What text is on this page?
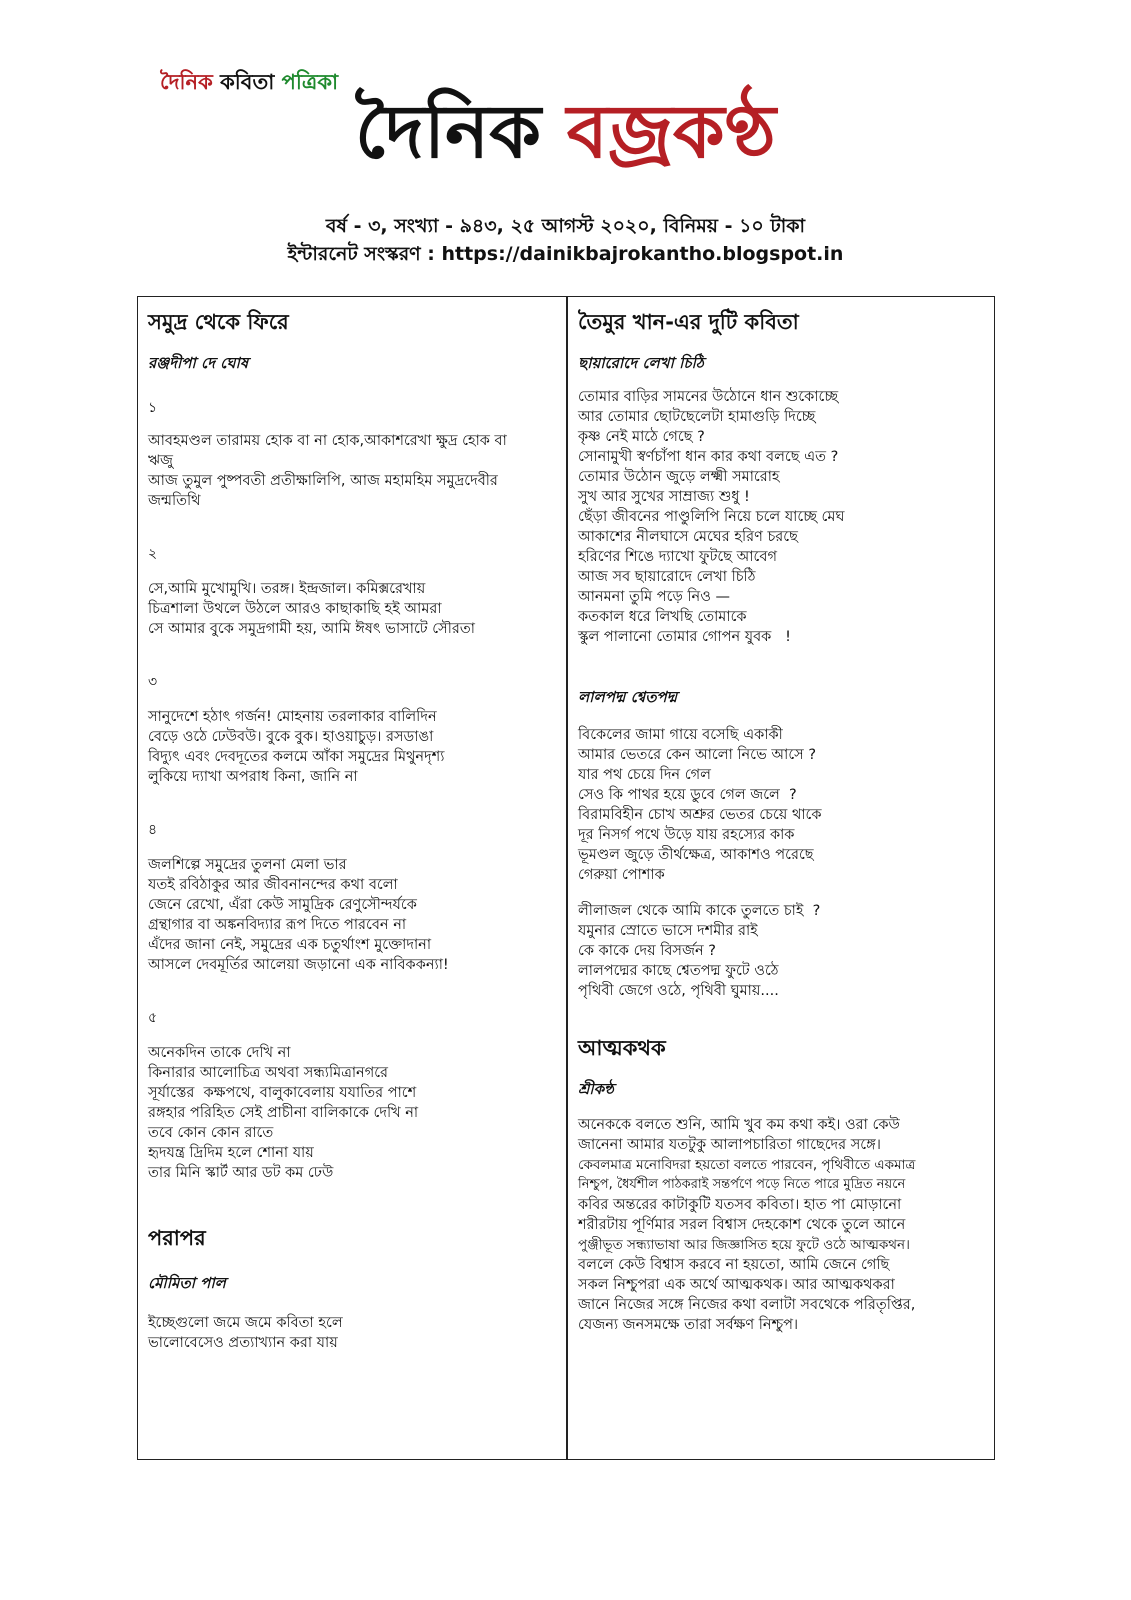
দৈনিক কবিতা পত্রিকা
দৈনিক বজ্রকণ্ঠ
বর্ষ - ৩, সংখ্যা - ৯৪৩, ২৫ আগস্ট ২০২০, বিনিময় - ১০ টাকা
ইন্টারনেট সংস্করণ : https://dainikbajrokantho.blogspot.in

সমুদ্র থেকে ফিরে

রঞ্জদীপা দে ঘোষ

১

আবহমণ্ডল তারাময় হোক বা না হোক,আকাশরেখা ক্ষুদ্র হোক বা

ঋজু

আজ তুমুল পুষ্পবতী প্রতীক্ষালিপি, আজ মহামহিম সমুদ্রদেবীর

জন্মতিথি

২

সে,আমি মুখোমুখি। তরঙ্গ। ইন্দ্রজাল। কমিক্সরেখায়

চিত্রশালা উথলে উঠলে আরও কাছাকাছি হই আমরা

সে আমার বুকে সমুদ্রগামী হয়, আমি ঈষৎ ভাসাটে সৌরতা

৩

সানুদেশে হঠাৎ গর্জন! মোহনায় তরলাকার বালিদিন

বেড়ে ওঠে ঢেউবউ। বুকে বুক। হাওয়াচুড়। রসডাঙা

বিদ্যুৎ এবং দেবদূতের কলমে আঁকা সমুদ্রের মিথুনদৃশ্য

লুকিয়ে দ্যাখা অপরাধ কিনা, জানি না

৪

জলশিল্পে সমুদ্রের তুলনা মেলা ভার

যতই রবিঠাকুর আর জীবনানন্দের কথা বলো

জেনে রেখো, এঁরা কেউ সামুদ্রিক রেণুসৌন্দর্যকে

গ্রন্থাগার বা অঙ্কনবিদ্যার রূপ দিতে পারবেন না

এঁদের জানা নেই, সমুদ্রের এক চতুর্থাংশ মুক্তোদানা

আসলে দেবমূর্তির আলেয়া জড়ানো এক নাবিককন্যা!

৫

অনেকদিন তাকে দেখি না

কিনারার আলোচিত্র অথবা সন্ধ্যমিত্রানগরে

সূর্যাস্তের  কক্ষপথে, বালুকাবেলায় যযাতির পাশে

রঙ্গহার পরিহিত সেই প্রাচীনা বালিকাকে দেখি না

তবে কোন কোন রাতে

হৃদযন্ত্র দ্রিদিম হলে শোনা যায়

তার মিনি স্কার্ট আর ডট কম ঢেউ

পরাপর

মৌমিতা পাল

ইচ্ছেগুলো জমে জমে কবিতা হলে

ভালোবেসেও প্রত্যাখ্যান করা যায়

তৈমুর খান-এর দুটি কবিতা

ছায়ারোদে লেখা চিঠি

তোমার বাড়ির সামনের উঠোনে ধান শুকোচ্ছে

আর তোমার ছোটছেলেটা হামাগুড়ি দিচ্ছে

কৃষ্ণ নেই মাঠে গেছে ?

সোনামুখী স্বর্ণচাঁপা ধান কার কথা বলছে এত ?

তোমার উঠোন জুড়ে লক্ষ্মী সমারোহ

সুখ আর সুখের সাম্রাজ্য শুধু !

ছেঁড়া জীবনের পাণ্ডুলিপি নিয়ে চলে যাচ্ছে মেঘ

আকাশের নীলঘাসে মেঘের হরিণ চরছে

হরিণের শিঙে দ্যাখো ফুটছে আবেগ

আজ সব ছায়ারোদে লেখা চিঠি

আনমনা তুমি পড়ে নিও —

কতকাল ধরে লিখছি তোমাকে

স্কুল পালানো তোমার গোপন যুবক   !

লালপদ্ম শ্বেতপদ্ম

বিকেলের জামা গায়ে বসেছি একাকী

আমার ভেতরে কেন আলো নিভে আসে ?

যার পথ চেয়ে দিন গেল

সেও কি পাথর হয়ে ডুবে গেল জলে  ?

বিরামবিহীন চোখ অশ্রুর ভেতর চেয়ে থাকে

দূর নিসর্গ পথে উড়ে যায় রহস্যের কাক

ভূমণ্ডল জুড়ে তীর্থক্ষেত্র, আকাশও পরেছে

গেরুয়া পোশাক

লীলাজল থেকে আমি কাকে তুলতে চাই  ?

যমুনার স্রোতে ভাসে দশমীর রাই

কে কাকে দেয় বিসর্জন ?

লালপদ্মের কাছে শ্বেতপদ্ম ফুটে ওঠে

পৃথিবী জেগে ওঠে, পৃথিবী ঘুমায়....

আত্মকথক

শ্রীকন্ঠ

অনেককে বলতে শুনি, আমি খুব কম কথা কই। ওরা কেউ

জানেনা আমার যতটুকু আলাপচারিতা গাছেদের সঙ্গে।

কেবলমাত্র মনোবিদরা হয়তো বলতে পারবেন, পৃথিবীতে একমাত্র

নিশ্চুপ, ধৈর্যশীল পাঠকরাই সন্তর্পণে পড়ে নিতে পারে মুদ্রিত নয়নে

কবির অন্তরের কাটাকুটি যতসব কবিতা। হাত পা মোড়ানো

শরীরটায় পূর্ণিমার সরল বিশ্বাস দেহকোশ থেকে তুলে আনে

পুঞ্জীভূত সন্ধ্যাভাষা আর জিজ্ঞাসিত হয়ে ফুটে ওঠে আত্মকথন।

বললে কেউ বিশ্বাস করবে না হয়তো, আমি জেনে গেছি

সকল নিশ্চুপরা এক অর্থে আত্মকথক। আর আত্মকথকরা

জানে নিজের সঙ্গে নিজের কথা বলাটা সবথেকে পরিতৃপ্তির,

যেজন্য জনসমক্ষে তারা সর্বক্ষণ নিশ্চুপ।
